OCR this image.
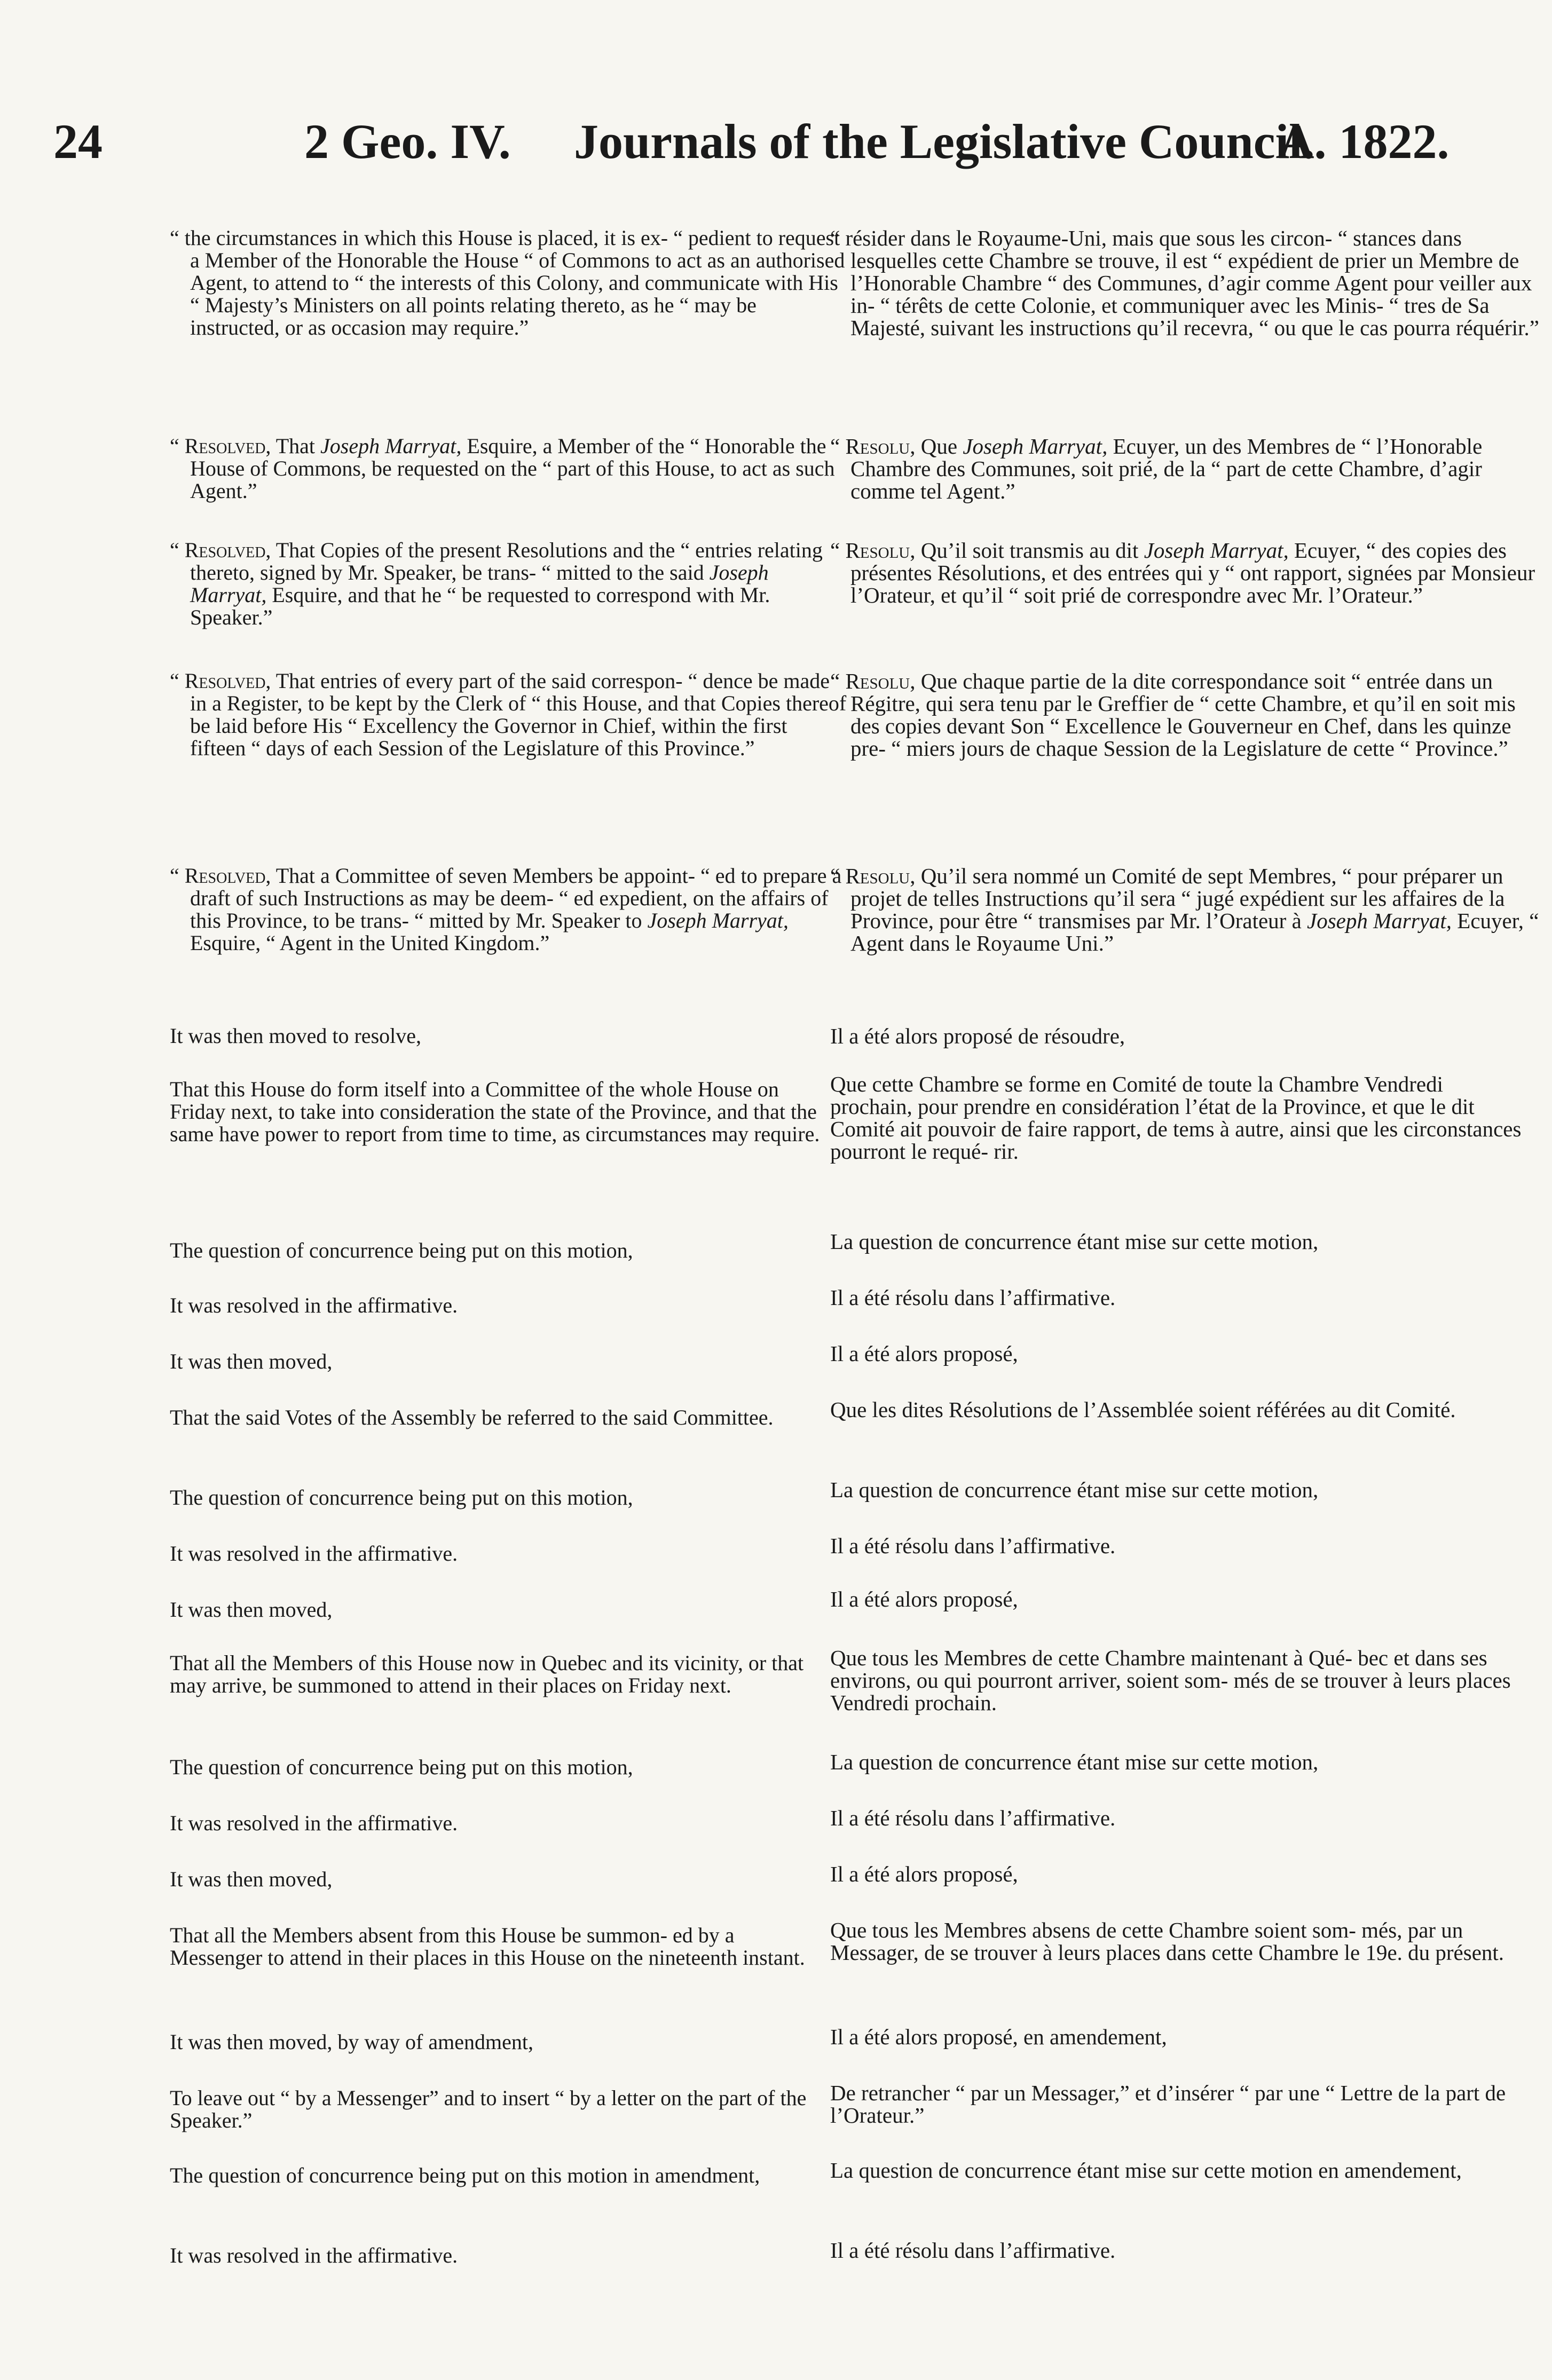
24	2 Geo. IV. Journals of the Legislative Council.
A. 1822.
“ the circumstances in which this House is placed, it is ex- “ pedient to request a Member of the Honorable the House “ of Commons to act as an authorised Agent, to attend to “ the interests of this Colony, and communicate with His “ Majesty’s Ministers on all points relating thereto, as he “ may be instructed, or as occasion may require.”
“ Resolved, That Joseph Marryat, Esquire, a Member of the “ Honorable the House of Commons, be requested on the “ part of this House, to act as such Agent.”
“ Resolved, That Copies of the present Resolutions and the “ entries relating thereto, signed by Mr. Speaker, be trans- “ mitted to the said Joseph Marryat, Esquire, and that he “ be requested to correspond with Mr. Speaker.”
“ Resolved, That entries of every part of the said correspon- “ dence be made in a Register, to be kept by the Clerk of “ this House, and that Copies thereof be laid before His “ Excellency the Governor in Chief, within the first fifteen “ days of each Session of the Legislature of this Province.”
“ Resolved, That a Committee of seven Members be appoint- “ ed to prepare a draft of such Instructions as may be deem- “ ed expedient, on the affairs of this Province, to be trans- “ mitted by Mr. Speaker to Joseph Marryat, Esquire, “ Agent in the United Kingdom.”
It was then moved to resolve,
That this House do form itself into a Committee of the whole House on Friday next, to take into consideration the state of the Province, and that the same have power to report from time to time, as circumstances may require.
The question of concurrence being put on this motion,
It was resolved in the affirmative.
It was then moved,
That the said Votes of the Assembly be referred to the said Committee.
The question of concurrence being put on this motion,
It was resolved in the affirmative.
It was then moved,
That all the Members of this House now in Quebec and its vicinity, or that may arrive, be summoned to attend in their places on Friday next.
The question of concurrence being put on this motion,
It was resolved in the affirmative.
It was then moved,
That all the Members absent from this House be summon- ed by a Messenger to attend in their places in this House on the nineteenth instant.
It was then moved, by way of amendment,
To leave out “ by a Messenger” and to insert “ by a letter on the part of the Speaker.”
The question of concurrence being put on this motion in amendment,
It was resolved in the affirmative.
“ résider dans le Royaume-Uni, mais que sous les circon- “ stances dans lesquelles cette Chambre se trouve, il est “ expédient de prier un Membre de l’Honorable Chambre “ des Communes, d’agir comme Agent pour veiller aux in- “ térêts de cette Colonie, et communiquer avec les Minis- “ tres de Sa Majesté, suivant les instructions qu’il recevra, “ ou que le cas pourra réquérir.”
“ Resolu, Que Joseph Marryat, Ecuyer, un des Membres de “ l’Honorable Chambre des Communes, soit prié, de la “ part de cette Chambre, d’agir comme tel Agent.”
“ Resolu, Qu’il soit transmis au dit Joseph Marryat, Ecuyer, “ des copies des présentes Résolutions, et des entrées qui y “ ont rapport, signées par Monsieur l’Orateur, et qu’il “ soit prié de correspondre avec Mr. l’Orateur.”
“ Resolu, Que chaque partie de la dite correspondance soit “ entrée dans un Régitre, qui sera tenu par le Greffier de “ cette Chambre, et qu’il en soit mis des copies devant Son “ Excellence le Gouverneur en Chef, dans les quinze pre- “ miers jours de chaque Session de la Legislature de cette “ Province.”
“ Resolu, Qu’il sera nommé un Comité de sept Membres, “ pour préparer un projet de telles Instructions qu’il sera “ jugé expédient sur les affaires de la Province, pour être “ transmises par Mr. l’Orateur à Joseph Marryat, Ecuyer, “ Agent dans le Royaume Uni.”
Il a été alors proposé de résoudre,
Que cette Chambre se forme en Comité de toute la Chambre Vendredi prochain, pour prendre en considération l’état de la Province, et que le dit Comité ait pouvoir de faire rapport, de tems à autre, ainsi que les circonstances pourront le requé- rir.
La question de concurrence étant mise sur cette motion,
Il a été résolu dans l’affirmative.
Il a été alors proposé,
Que les dites Résolutions de l’Assemblée soient référées au dit Comité.
La question de concurrence étant mise sur cette motion,
Il a été résolu dans l’affirmative.
Il a été alors proposé,
Que tous les Membres de cette Chambre maintenant à Qué- bec et dans ses environs, ou qui pourront arriver, soient som- més de se trouver à leurs places Vendredi prochain.
La question de concurrence étant mise sur cette motion,
Il a été résolu dans l’affirmative.
Il a été alors proposé,
Que tous les Membres absens de cette Chambre soient som- més, par un Messager, de se trouver à leurs places dans cette Chambre le 19e. du présent.
Il a été alors proposé, en amendement,
De retrancher “ par un Messager,” et d’insérer “ par une “ Lettre de la part de l’Orateur.”
La question de concurrence étant mise sur cette motion en amendement,
Il a été résolu dans l’affirmative.
